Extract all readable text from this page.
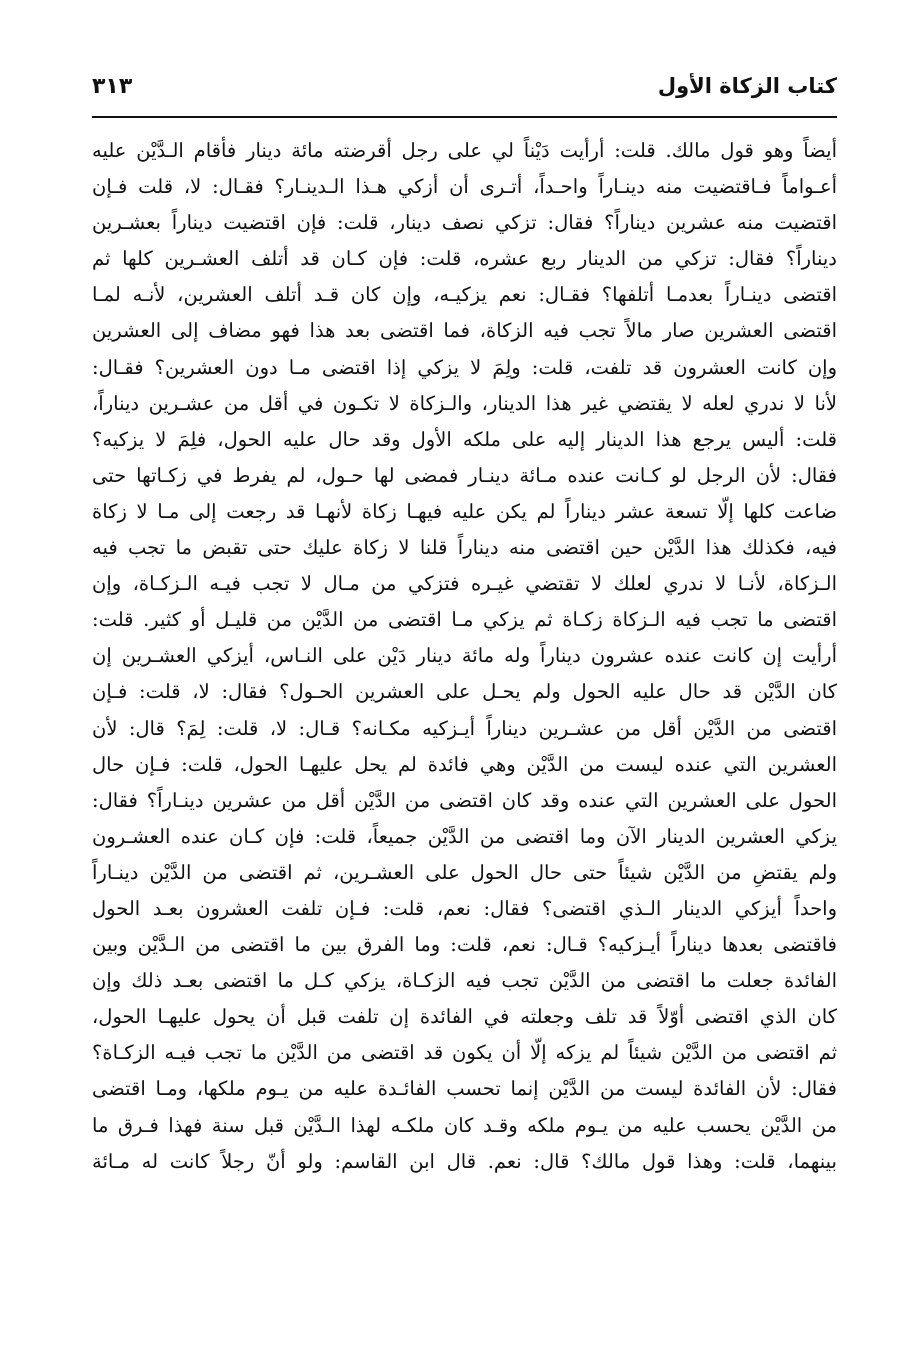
كتاب الزكاة الأول
٣١٣
أيضاً وهو قول مالك. قلت: أرأيت دَيْناً لي على رجل أقرضته مائة دينار فأقام الـدَّيْن عليه
أعـواماً فـاقتضيت منه دينـاراً واحـداً، أتـرى أن أزكي هـذا الـدينـار؟ فقـال: لا، قلت فـإن
اقتضيت منه عشرين ديناراً؟ فقال: تزكي نصف دينار، قلت: فإن اقتضيت ديناراً بعشـرين
ديناراً؟ فقال: تزكي من الدينار ربع عشره، قلت: فإن كـان قد أتلف العشـرين كلها ثم
اقتضى دينـاراً بعدمـا أتلفها؟ فقـال: نعم يزكيـه، وإن كان قـد أتلف العشرين، لأنـه لمـا
اقتضى العشرين صار مالاً تجب فيه الزكاة، فما اقتضى بعد هذا فهو مضاف إلى العشرين
وإن كانت العشرون قد تلفت، قلت: ولِمَ لا يزكي إذا اقتضى مـا دون العشرين؟ فقـال:
لأنا لا ندري لعله لا يقتضي غير هذا الدينار، والـزكاة لا تكـون في أقل من عشـرين ديناراً،
قلت: أليس يرجع هذا الدينار إليه على ملكه الأول وقد حال عليه الحول، فلِمَ لا يزكيه؟
فقال: لأن الرجل لو كـانت عنده مـائة دينـار فمضى لها حـول، لم يفرط في زكـاتها حتى
ضاعت كلها إلّا تسعة عشر ديناراً لم يكن عليه فيهـا زكاة لأنهـا قد رجعت إلى مـا لا زكاة
فيه، فكذلك هذا الدَّيْن حين اقتضى منه ديناراً قلنا لا زكاة عليك حتى تقبض ما تجب فيه
الـزكاة، لأنـا لا ندري لعلك لا تقتضي غيـره فتزكي من مـال لا تجب فيـه الـزكـاة، وإن
اقتضى ما تجب فيه الـزكاة زكـاة ثم يزكي مـا اقتضى من الدَّيْن من قليـل أو كثير. قلت:
أرأيت إن كانت عنده عشرون ديناراً وله مائة دينار دَيْن على النـاس، أيزكي العشـرين إن
كان الدَّيْن قد حال عليه الحول ولم يحـل على العشرين الحـول؟ فقال: لا، قلت: فـإن
اقتضى من الدَّيْن أقل من عشـرين ديناراً أيـزكيه مكـانه؟ قـال: لا، قلت: لِمَ؟ قال: لأن
العشرين التي عنده ليست من الدَّيْن وهي فائدة لم يحل عليهـا الحول، قلت: فـإن حال
الحول على العشرين التي عنده وقد كان اقتضى من الدَّيْن أقل من عشرين دينـاراً؟ فقال:
يزكي العشرين الدينار الآن وما اقتضى من الدَّيْن جميعاً، قلت: فإن كـان عنده العشـرون
ولم يقتضِ من الدَّيْن شيئاً حتى حال الحول على العشـرين، ثم اقتضى من الدَّيْن دينـاراً
واحداً أيزكي الدينار الـذي اقتضى؟ فقال: نعم، قلت: فـإن تلفت العشرون بعـد الحول
فاقتضى بعدها ديناراً أيـزكيه؟ قـال: نعم، قلت: وما الفرق بين ما اقتضى من الـدَّيْن وبين
الفائدة جعلت ما اقتضى من الدَّيْن تجب فيه الزكـاة، يزكي كـل ما اقتضى بعـد ذلك وإن
كان الذي اقتضى أوّلاً قد تلف وجعلته في الفائدة إن تلفت قبل أن يحول عليهـا الحول،
ثم اقتضى من الدَّيْن شيئاً لم يزكه إلّا أن يكون قد اقتضى من الدَّيْن ما تجب فيـه الزكـاة؟
فقال: لأن الفائدة ليست من الدَّيْن إنما تحسب الفائـدة عليه من يـوم ملكها، ومـا اقتضى
من الدَّيْن يحسب عليه من يـوم ملكه وقـد كان ملكـه لهذا الـدَّيْن قبل سنة فهذا فـرق ما
بينهما، قلت: وهذا قول مالك؟ قال: نعم. قال ابن القاسم: ولو أنّ رجلاً كانت له مـائة
